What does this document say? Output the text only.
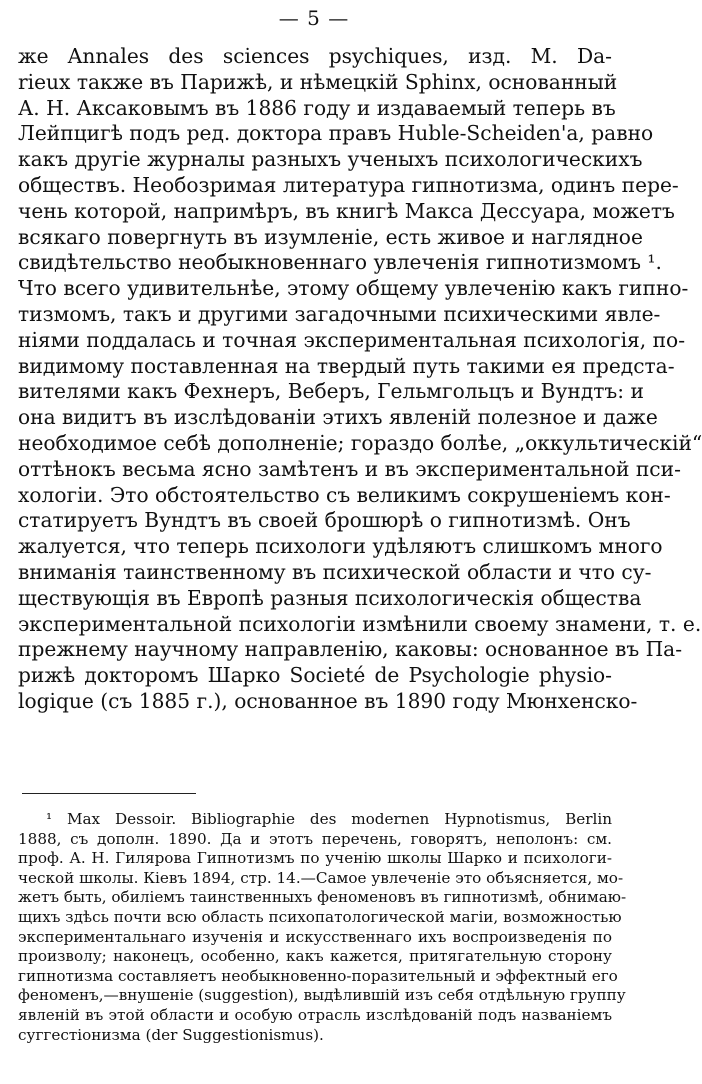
— 5 —
же Annales des sciences psychiques, изд. М. Da-
rieux также въ Парижѣ, и нѣмецкій Sphinx, основанный
А. Н. Аксаковымъ въ 1886 году и издаваемый теперь въ
Лейпцигѣ подъ ред. доктора правъ Huble-Scheiden'a, равно
какъ другіе журналы разныхъ ученыхъ психологическихъ
обществъ. Необозримая литература гипнотизма, одинъ пере-
чень которой, напримѣръ, въ книгѣ Макса Дессуара, можетъ
всякаго повергнуть въ изумленіе, есть живое и наглядное
свидѣтельство необыкновеннаго увлеченія гипнотизмомъ ¹.
Что всего удивительнѣе, этому общему увлеченію какъ гипно-
тизмомъ, такъ и другими загадочными психическими явле-
ніями поддалась и точная экспериментальная психологія, по-
видимому поставленная на твердый путь такими ея предста-
вителями какъ Фехнеръ, Веберъ, Гельмгольцъ и Вундтъ: и
она видитъ въ изслѣдованіи этихъ явленій полезное и даже
необходимое себѣ дополненіе; гораздо болѣе, „оккультическій“
оттѣнокъ весьма ясно замѣтенъ и въ экспериментальной пси-
хологіи. Это обстоятельство съ великимъ сокрушеніемъ кон-
статируетъ Вундтъ въ своей брошюрѣ о гипнотизмѣ. Онъ
жалуется, что теперь психологи удѣляютъ слишкомъ много
вниманія таинственному въ психической области и что су-
ществующія въ Европѣ разныя психологическія общества
экспериментальной психологіи измѣнили своему знамени, т. е.
прежнему научному направленію, каковы: основанное въ Па-
рижѣ докторомъ Шарко Societé de Psychologie physio-
logique (съ 1885 г.), основанное въ 1890 году Мюнхенско-
¹ Max Dessoir. Bibliographie des modernen Hypnotismus, Berlin
1888, съ дополн. 1890. Да и этотъ перечень, говорятъ, неполонъ: см.
проф. А. Н. Гилярова Гипнотизмъ по ученію школы Шарко и психологи-
ческой школы. Кіевъ 1894, стр. 14.—Самое увлеченіе это объясняется, мо-
жетъ быть, обиліемъ таинственныхъ феноменовъ въ гипнотизмѣ, обнимаю-
щихъ здѣсь почти всю область психопатологической магіи, возможностью
экспериментальнаго изученія и искусственнаго ихъ воспроизведенія по
произволу; наконецъ, особенно, какъ кажется, притягательную сторону
гипнотизма составляетъ необыкновенно-поразительный и эффектный его
феноменъ,—внушеніе (suggestion), выдѣлившій изъ себя отдѣльную группу
явленій въ этой области и особую отрасль изслѣдованій подъ названіемъ
суггестіонизма (der Suggestionismus).
